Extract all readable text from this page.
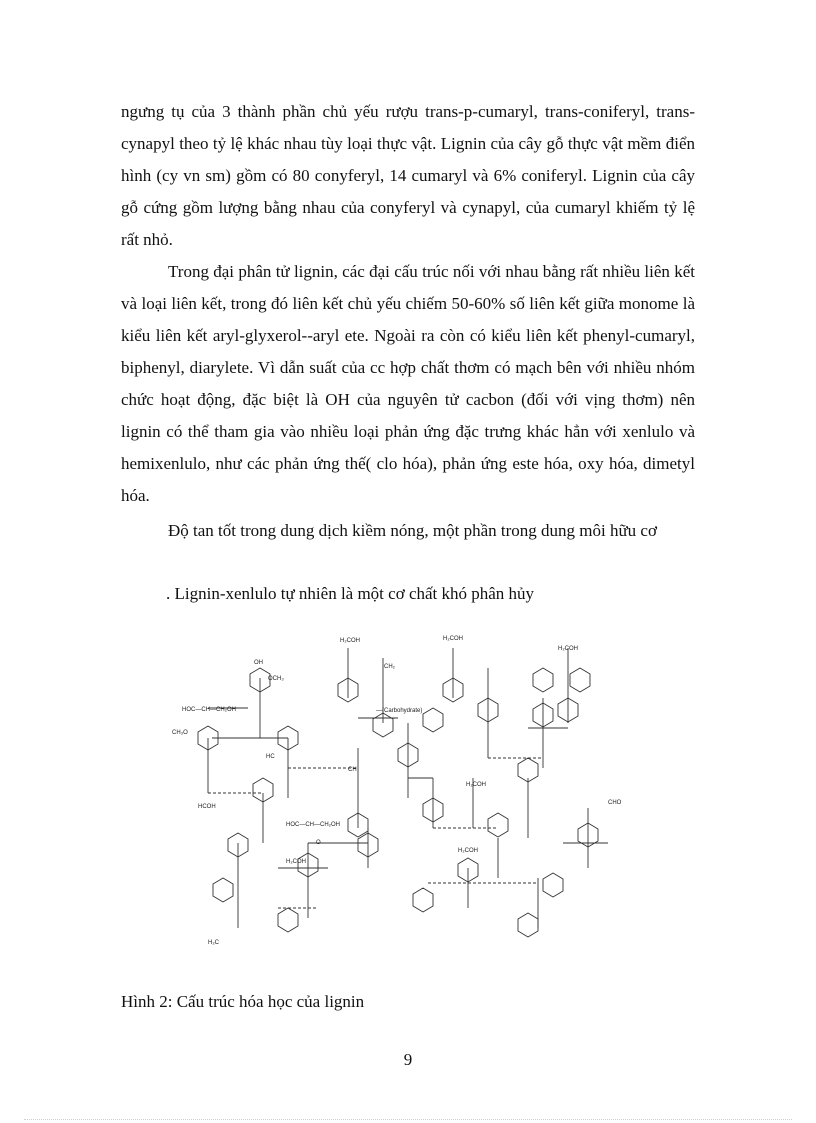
ngưng tụ của 3 thành phần chủ yếu rượu trans-p-cumaryl, trans-coniferyl, trans-cynapyl theo tỷ lệ khác nhau tùy loại thực vật. Lignin của cây gỗ thực vật mềm điển hình (cy vn sm) gồm có 80 conyferyl, 14 cumaryl và 6% coniferyl. Lignin của cây gỗ cứng gồm lượng bằng nhau của conyferyl và cynapyl, của cumaryl khiếm tỷ lệ rất nhỏ.

Trong đại phân tử lignin, các đại cấu trúc nối với nhau bằng rất nhiều liên kết và loại liên kết, trong đó liên kết chủ yếu chiếm 50-60% số liên kết giữa monome là kiểu liên kết aryl-glyxerol--aryl ete. Ngoài ra còn có kiểu liên kết phenyl-cumaryl, biphenyl, diarylete. Vì dẫn suất của cc hợp chất thơm có mạch bên với nhiều nhóm chức hoạt động, đặc biệt là OH của nguyên tử cacbon (đối với vịng thơm) nên lignin có thể tham gia vào nhiều loại phản ứng đặc trưng khác hẳn với xenlulo và hemixenlulo, như các phản ứng thế( clo hóa), phản ứng este hóa, oxy hóa, dimetyl hóa.

Độ tan tốt trong dung dịch kiềm nóng, một phần trong dung môi hữu cơ

. Lignin-xenlulo tự nhiên là một cơ chất khó phân hủy

HOC—CH—CH₂OH	—(Carbohydrate)
HOC—CH—CH₂OH
H₂COH	H₂COH
H₂COH
H₂COH
H₂COH
H₂COH
CHO
OCH₃
CH₃O
OH
HC
CH
HCOH
CH₂
H₂C
O
Hình 2: Cấu trúc hóa học của lignin
9
